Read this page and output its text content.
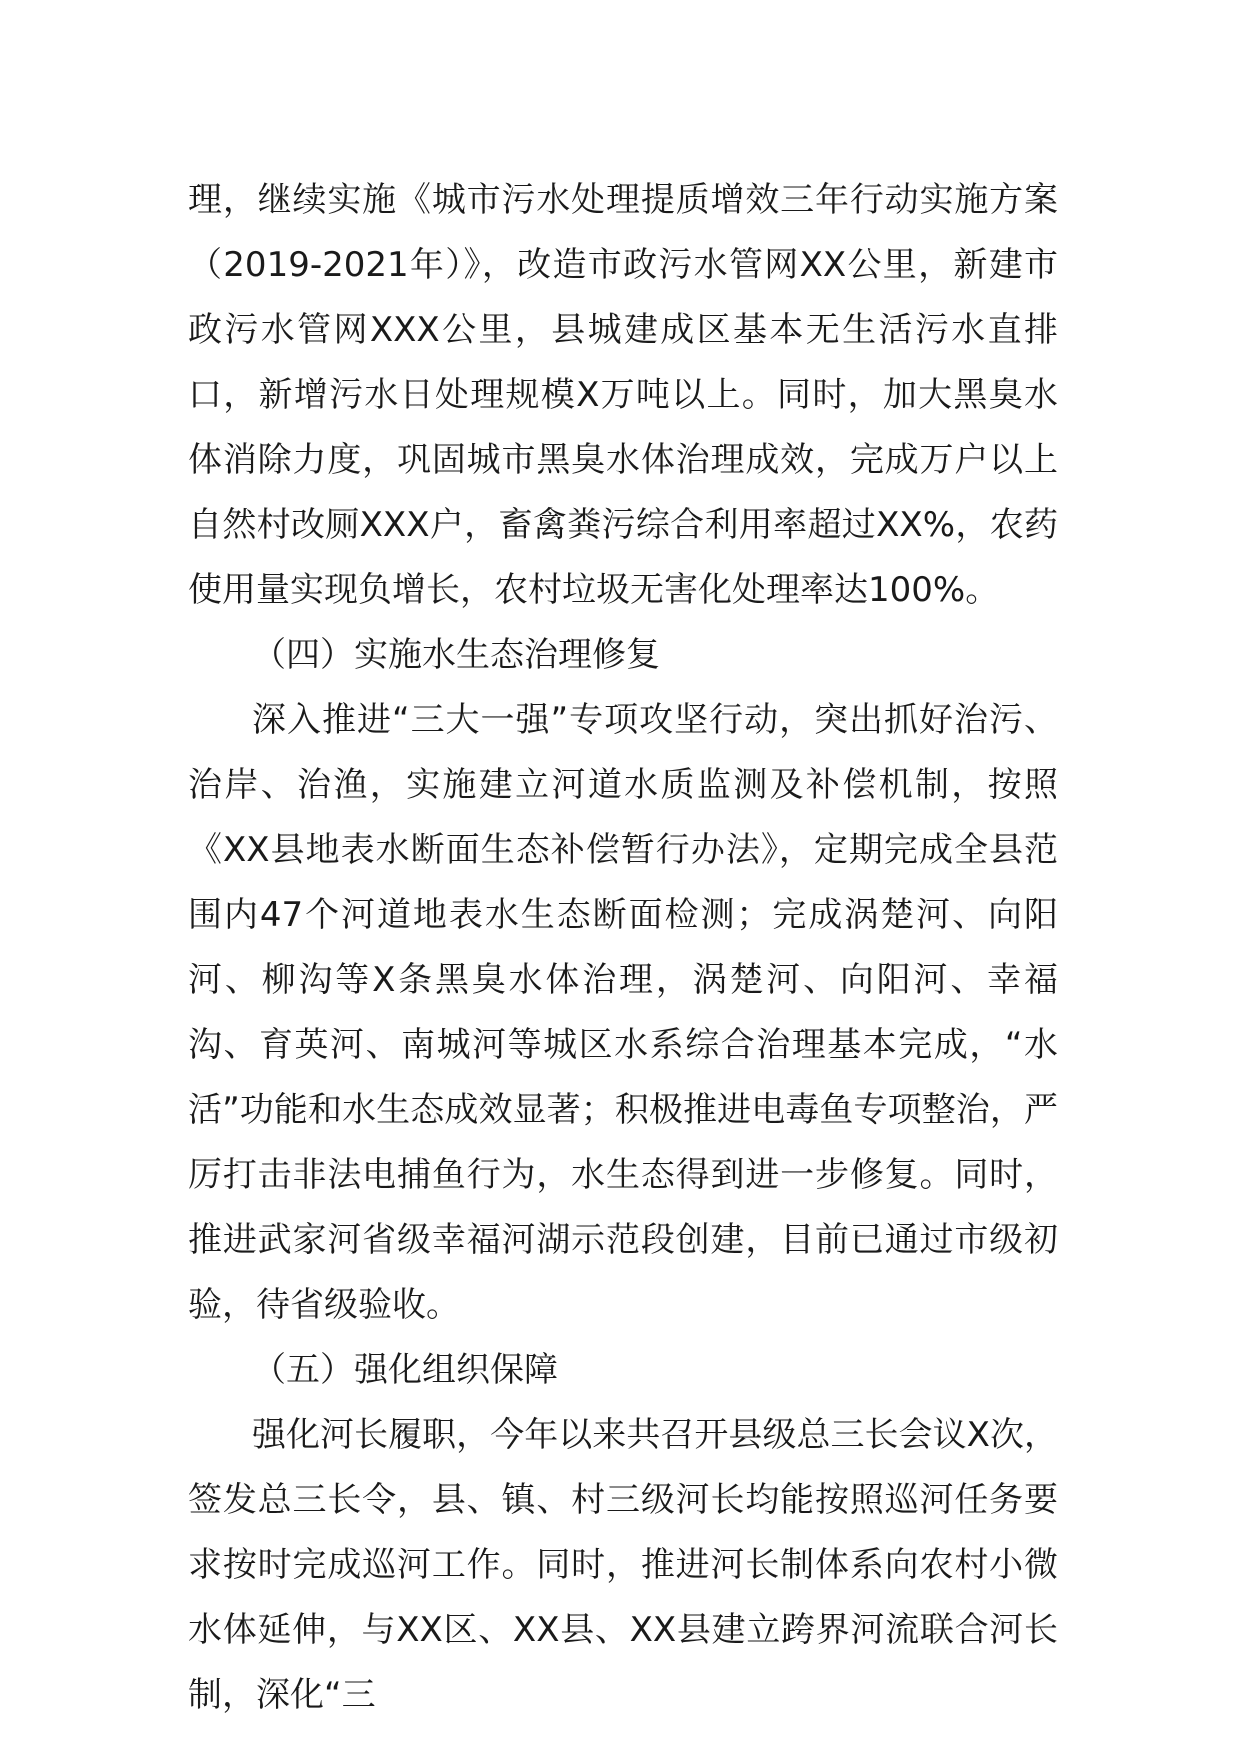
理，继续实施《城市污水处理提质增效三年行动实施方案（2019-2021年）》，改造市政污水管网XX公里，新建市政污水管网XXX公里，县城建成区基本无生活污水直排口，新增污水日处理规模X万吨以上。同时，加大黑臭水体消除力度，巩固城市黑臭水体治理成效，完成万户以上自然村改厕XXX户，畜禽粪污综合利用率超过XX%，农药使用量实现负增长，农村垃圾无害化处理率达100%。

（四）实施水生态治理修复

深入推进“三大一强”专项攻坚行动，突出抓好治污、治岸、治渔，实施建立河道水质监测及补偿机制，按照《XX县地表水断面生态补偿暂行办法》，定期完成全县范围内47个河道地表水生态断面检测；完成涡楚河、向阳河、柳沟等X条黑臭水体治理，涡楚河、向阳河、幸福沟、育英河、南城河等城区水系综合治理基本完成，“水活”功能和水生态成效显著；积极推进电毒鱼专项整治，严厉打击非法电捕鱼行为，水生态得到进一步修复。同时，推进武家河省级幸福河湖示范段创建，目前已通过市级初验，待省级验收。

（五）强化组织保障

强化河长履职，今年以来共召开县级总三长会议X次，签发总三长令，县、镇、村三级河长均能按照巡河任务要求按时完成巡河工作。同时，推进河长制体系向农村小微水体延伸，与XX区、XX县、XX县建立跨界河流联合河长制，深化“三
